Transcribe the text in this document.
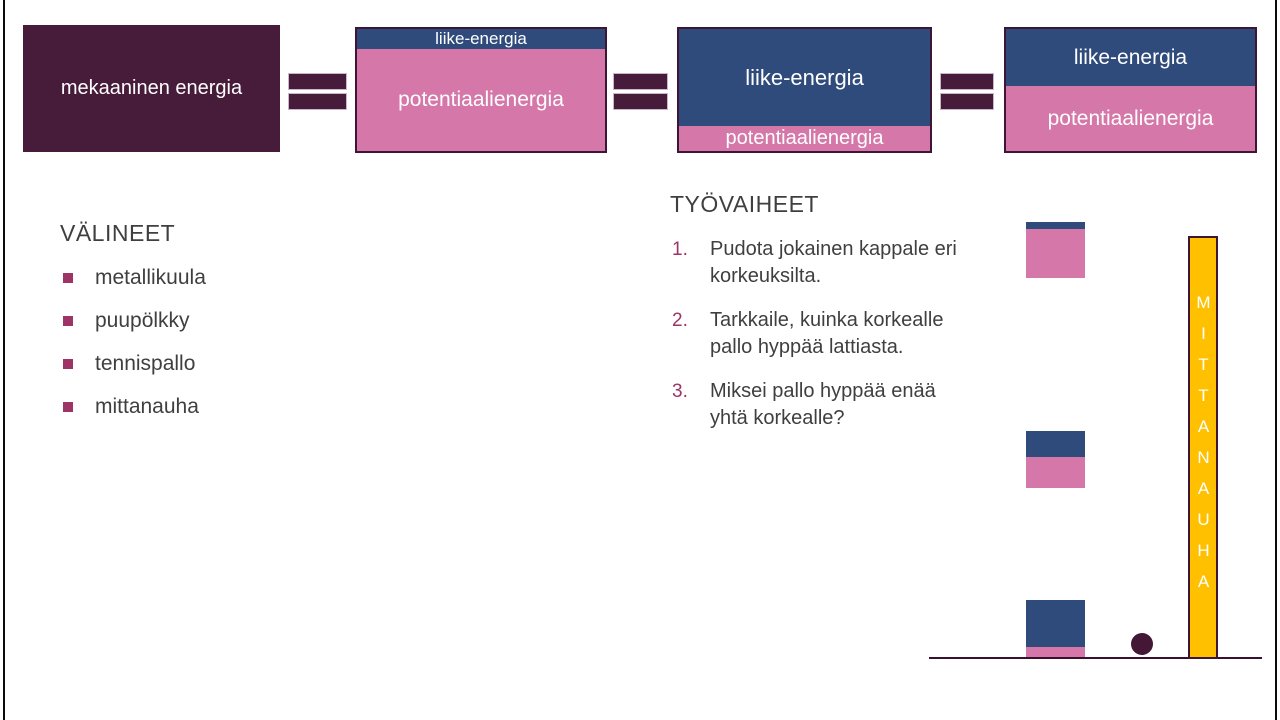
mekaaninen energia
liike-energia
potentiaalienergia
liike-energia
potentiaalienergia
liike-energia
potentiaalienergia
VÄLINEET
metallikuula
puupölkky
tennispallo
mittanauha
TYÖVAIHEET
1.	Pudota jokainen kappale eri
korkeuksilta.
2.	Tarkkaile, kuinka korkealle
pallo hyppää lattiasta.
3.	Miksei pallo hyppää enää
yhtä korkealle?	MITTANAUHA
